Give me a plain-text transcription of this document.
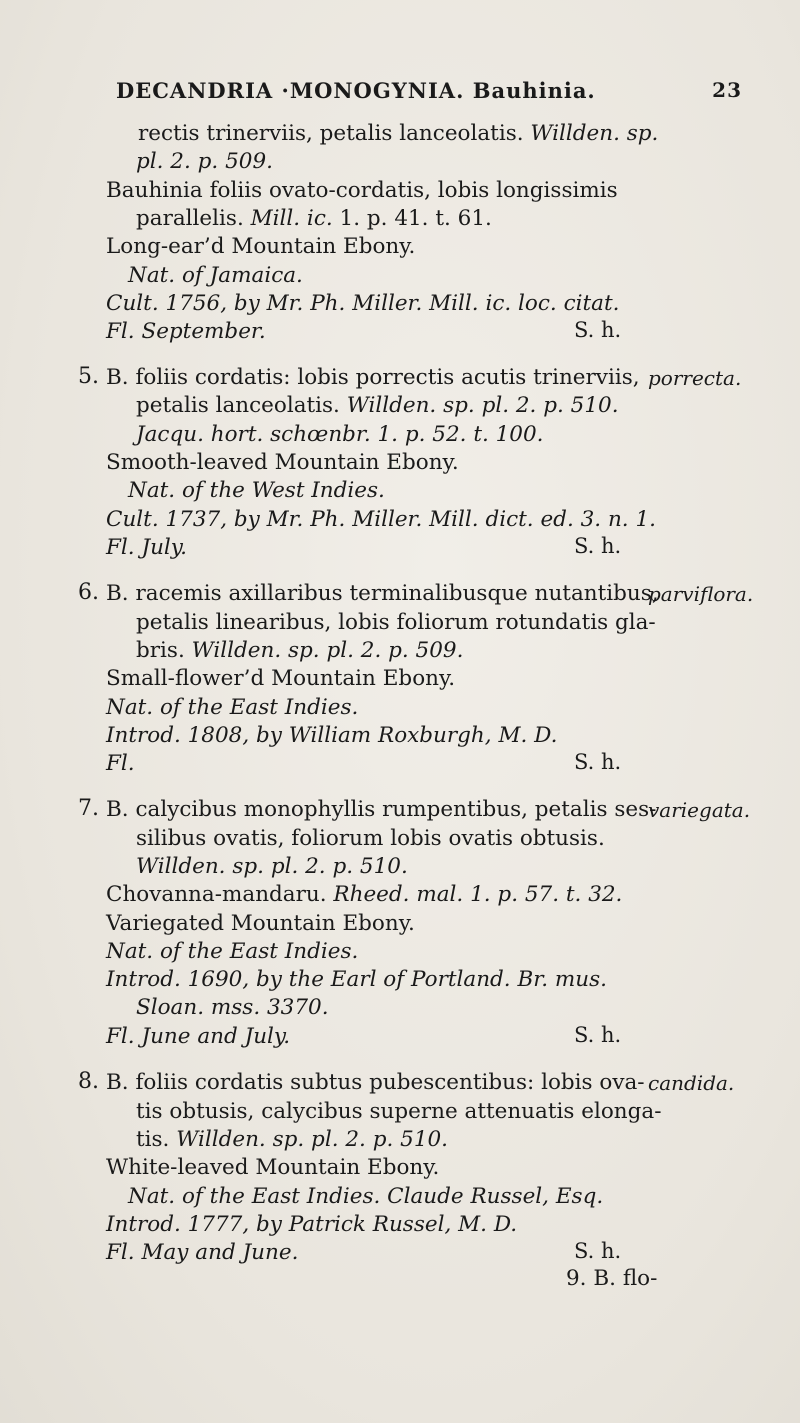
DECANDRIA ·MONOGYNIA. Bauhinia.	23
rectis trinerviis, petalis lanceolatis. Willden. sp.
pl. 2. p. 509.
Bauhinia foliis ovato-cordatis, lobis longissimis
parallelis. Mill. ic. 1. p. 41. t. 61.
Long-ear’d Mountain Ebony.
Nat. of Jamaica.
Cult. 1756, by Mr. Ph. Miller. Mill. ic. loc. citat.
Fl. September.	S. h.
5. B. foliis cordatis: lobis porrectis acutis trinerviis, porrecta.
petalis lanceolatis. Willden. sp. pl. 2. p. 510.
Jacqu. hort. schœnbr. 1. p. 52. t. 100.
Smooth-leaved Mountain Ebony.
Nat. of the West Indies.
Cult. 1737, by Mr. Ph. Miller. Mill. dict. ed. 3. n. 1.
Fl. July.	S. h.
6. B. racemis axillaribus terminalibusque nutantibus,
parviflora.
petalis linearibus, lobis foliorum rotundatis gla-
bris. Willden. sp. pl. 2. p. 509.
Small-flower’d Mountain Ebony.
Nat. of the East Indies.
Introd. 1808, by William Roxburgh, M. D.
Fl.	S. h.
7. B. calycibus monophyllis rumpentibus, petalis ses-
variegata.
silibus ovatis, foliorum lobis ovatis obtusis.
Willden. sp. pl. 2. p. 510.
Chovanna-mandaru. Rheed. mal. 1. p. 57. t. 32.
Variegated Mountain Ebony.
Nat. of the East Indies.
Introd. 1690, by the Earl of Portland. Br. mus.
Sloan. mss. 3370.
Fl. June and July.	S. h.
8. B. foliis cordatis subtus pubescentibus: lobis ova- candida.
tis obtusis, calycibus superne attenuatis elonga-
tis. Willden. sp. pl. 2. p. 510.
White-leaved Mountain Ebony.
Nat. of the East Indies. Claude Russel, Esq.
Introd. 1777, by Patrick Russel, M. D.
Fl. May and June.	S. h.
9. B. flo-
